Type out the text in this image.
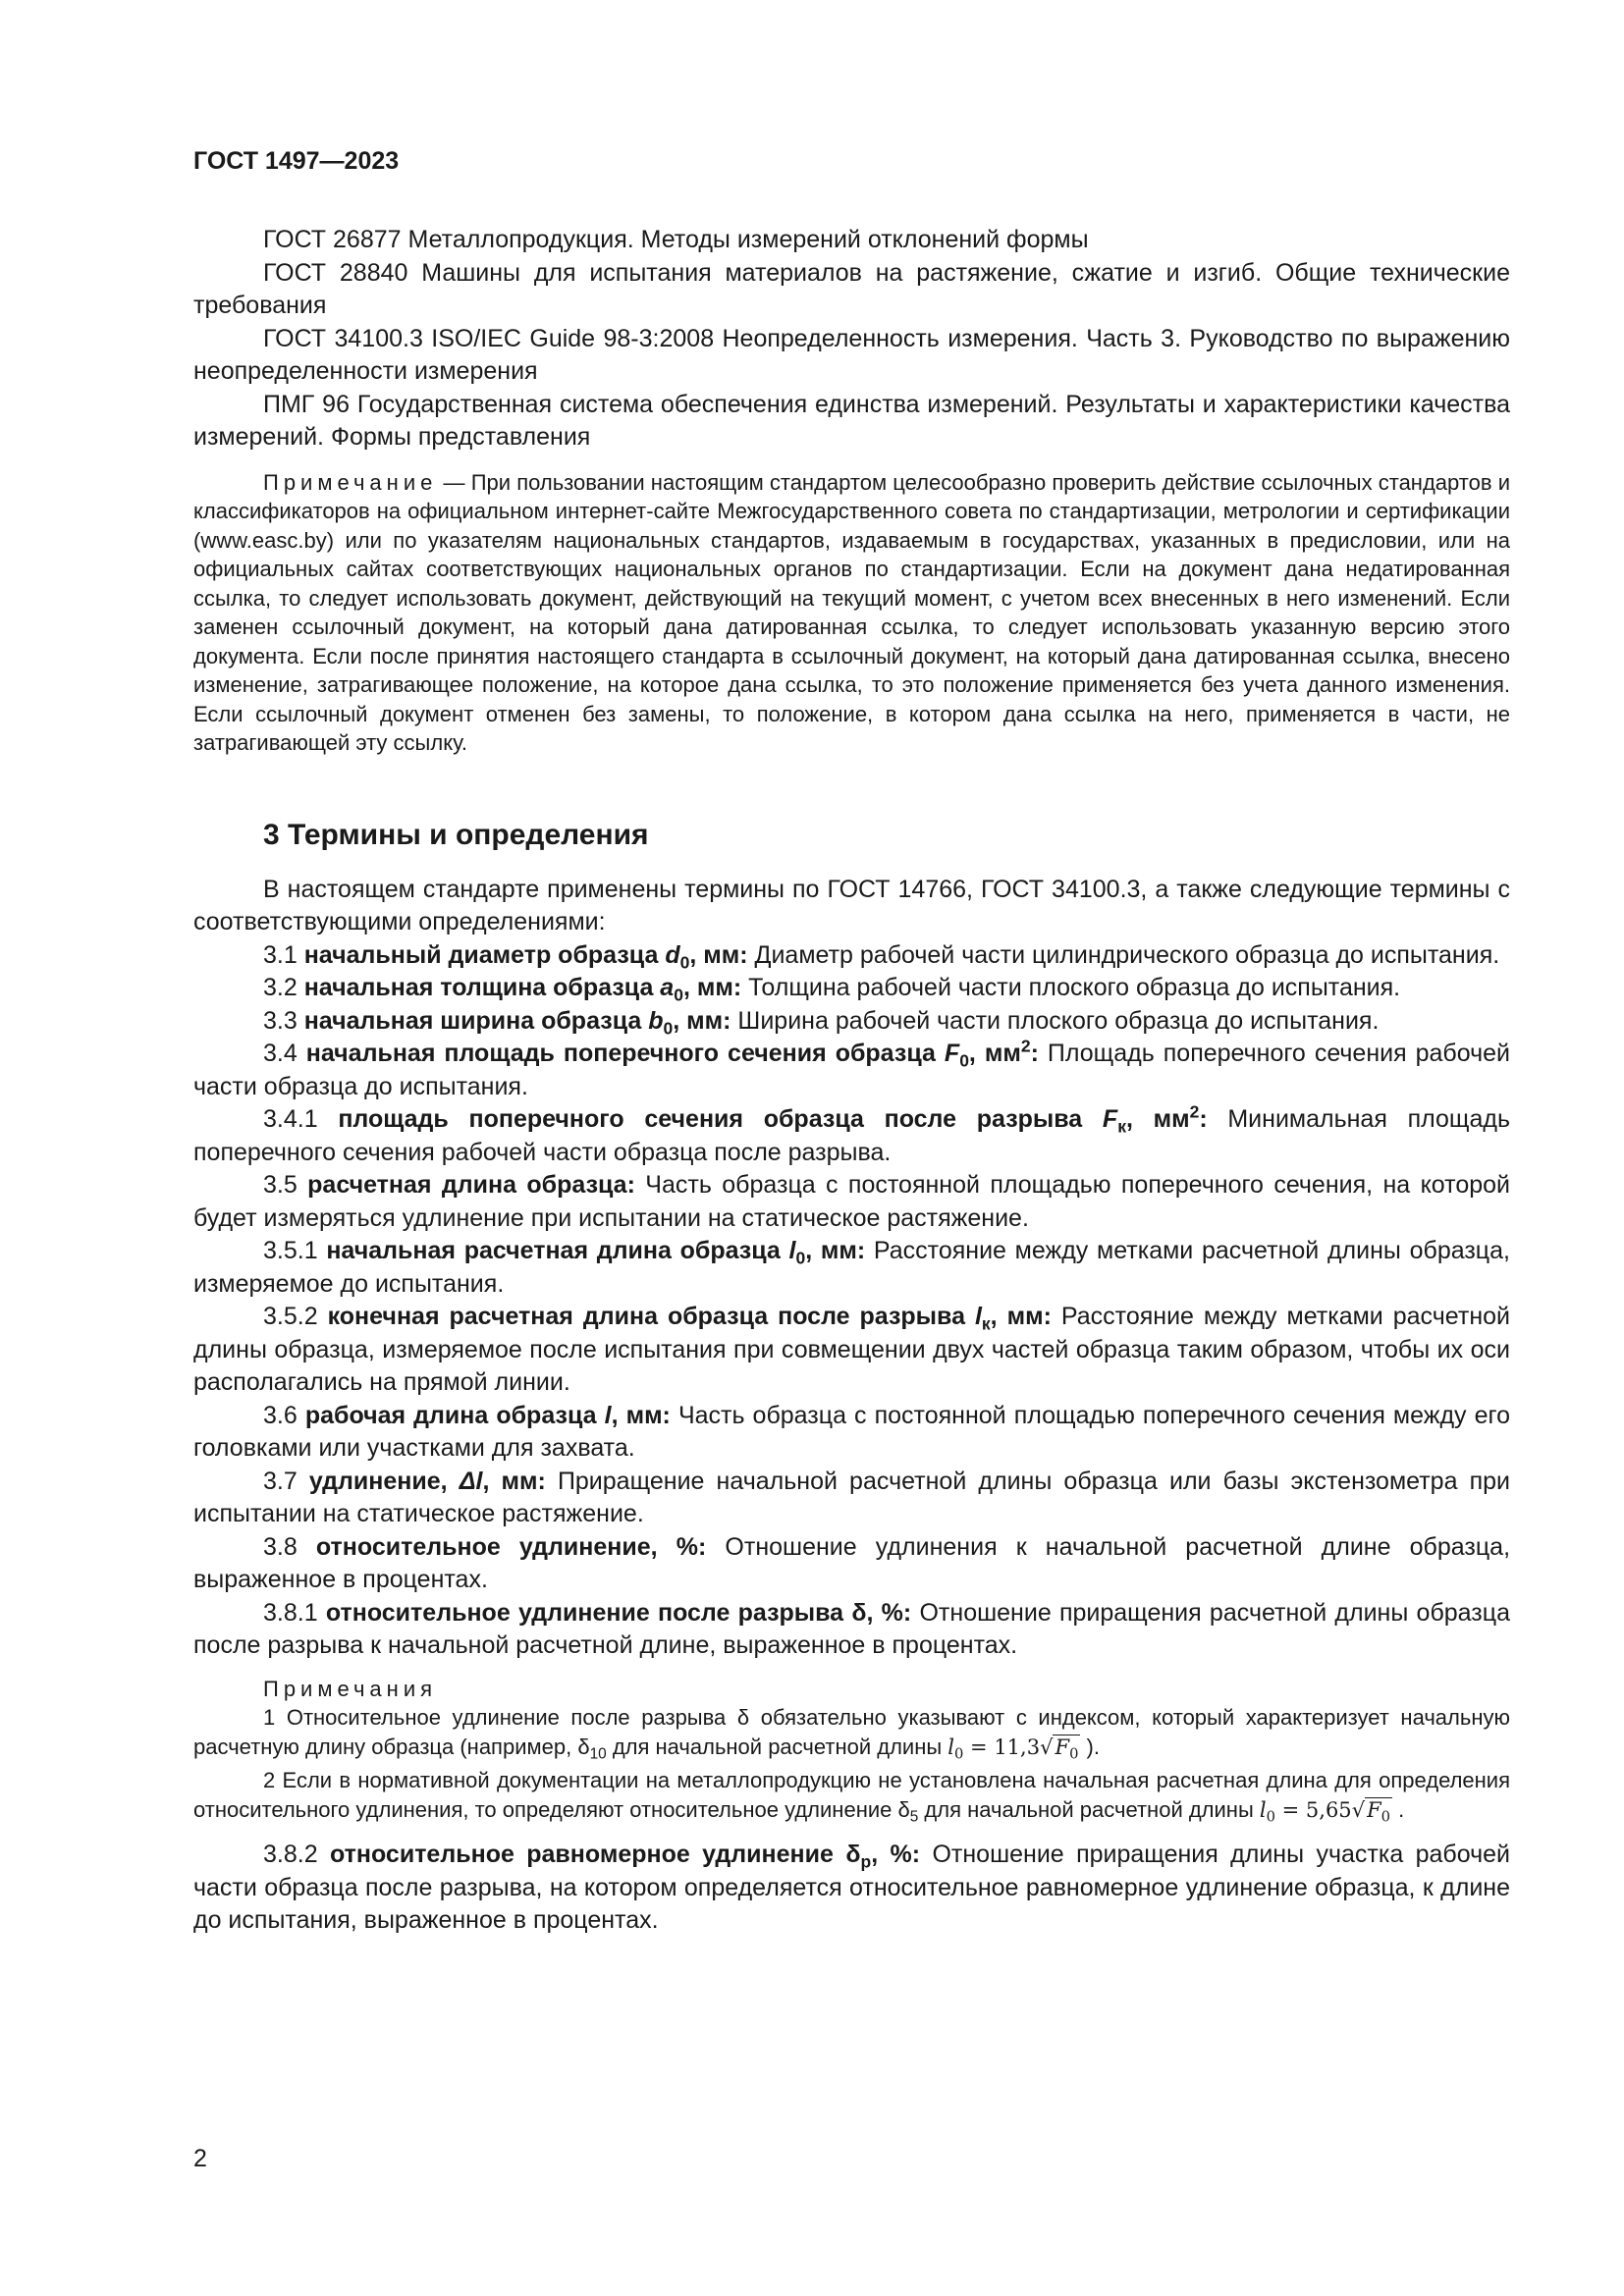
ГОСТ 1497—2023

ГОСТ 26877 Металлопродукция. Методы измерений отклонений формы

ГОСТ 28840 Машины для испытания материалов на растяжение, сжатие и изгиб. Общие технические требования

ГОСТ 34100.3 ISO/IEC Guide 98-3:2008 Неопределенность измерения. Часть 3. Руководство по выражению неопределенности измерения

ПМГ 96 Государственная система обеспечения единства измерений. Результаты и характеристики качества измерений. Формы представления

Примечание — При пользовании настоящим стандартом целесообразно проверить действие ссылочных стандартов и классификаторов на официальном интернет-сайте Межгосударственного совета по стандартизации, метрологии и сертификации (www.easc.by) или по указателям национальных стандартов, издаваемым в государствах, указанных в предисловии, или на официальных сайтах соответствующих национальных органов по стандартизации. Если на документ дана недатированная ссылка, то следует использовать документ, действующий на текущий момент, с учетом всех внесенных в него изменений. Если заменен ссылочный документ, на который дана датированная ссылка, то следует использовать указанную версию этого документа. Если после принятия настоящего стандарта в ссылочный документ, на который дана датированная ссылка, внесено изменение, затрагивающее положение, на которое дана ссылка, то это положение применяется без учета данного изменения. Если ссылочный документ отменен без замены, то положение, в котором дана ссылка на него, применяется в части, не затрагивающей эту ссылку.

3 Термины и определения

В настоящем стандарте применены термины по ГОСТ 14766, ГОСТ 34100.3, а также следующие термины с соответствующими определениями:

3.1 начальный диаметр образца $d_0$, мм: Диаметр рабочей части цилиндрического образца до испытания.

3.2 начальная толщина образца $a_0$, мм: Толщина рабочей части плоского образца до испытания.

3.3 начальная ширина образца $b_0$, мм: Ширина рабочей части плоского образца до испытания.

3.4 начальная площадь поперечного сечения образца $F_0$, $мм^2$: Площадь поперечного сечения рабочей части образца до испытания.

3.4.1 площадь поперечного сечения образца после разрыва $F_к$, $мм^2$: Минимальная площадь поперечного сечения рабочей части образца после разрыва.

3.5 расчетная длина образца: Часть образца с постоянной площадью поперечного сечения, на которой будет измеряться удлинение при испытании на статическое растяжение.

3.5.1 начальная расчетная длина образца $l_0$, мм: Расстояние между метками расчетной длины образца, измеряемое до испытания.

3.5.2 конечная расчетная длина образца после разрыва $l_к$, мм: Расстояние между метками расчетной длины образца, измеряемое после испытания при совмещении двух частей образца таким образом, чтобы их оси располагались на прямой линии.

3.6 рабочая длина образца l, мм: Часть образца с постоянной площадью поперечного сечения между его головками или участками для захвата.

3.7 удлинение, Δl, мм: Приращение начальной расчетной длины образца или базы экстензометра при испытании на статическое растяжение.

3.8 относительное удлинение, %: Отношение удлинения к начальной расчетной длине образца, выраженное в процентах.

3.8.1 относительное удлинение после разрыва δ, %: Отношение приращения расчетной длины образца после разрыва к начальной расчетной длине, выраженное в процентах.

Примечания

1 Относительное удлинение после разрыва δ обязательно указывают с индексом, который характеризует начальную расчетную длину образца (например, $\delta_{10}$ для начальной расчетной длины $l_0 = 11,3√F_0$ ).

2 Если в нормативной документации на металлопродукцию не установлена начальная расчетная длина для определения относительного удлинения, то определяют относительное удлинение $\delta_5$ для начальной расчетной длины $l_0 = 5,65√F_0$ .

3.8.2 относительное равномерное удлинение $\delta_р$, %: Отношение приращения длины участка рабочей части образца после разрыва, на котором определяется относительное равномерное удлинение образца, к длине до испытания, выраженное в процентах.

2
